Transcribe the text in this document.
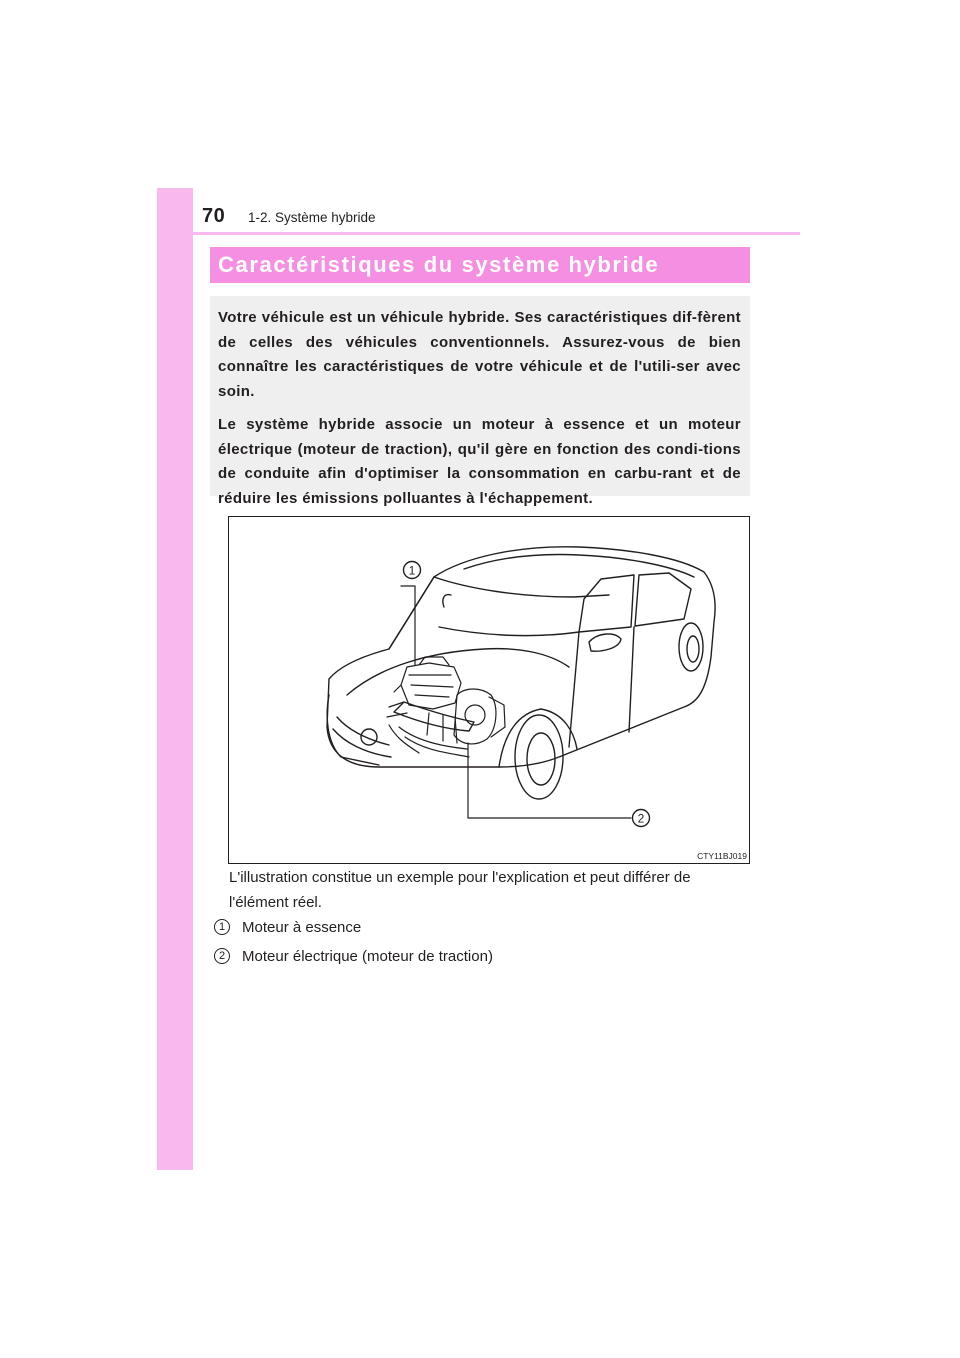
70 1-2. Système hybride
Caractéristiques du système hybride

Votre véhicule est un véhicule hybride. Ses caractéristiques dif-fèrent de celles des véhicules conventionnels. Assurez-vous de bien connaître les caractéristiques de votre véhicule et de l'utili-ser avec soin.

Le système hybride associe un moteur à essence et un moteur électrique (moteur de traction), qu'il gère en fonction des condi-tions de conduite afin d'optimiser la consommation en carbu-rant et de réduire les émissions polluantes à l'échappement.

1
2
CTY11BJ019

L'illustration constitue un exemple pour l'explication et peut différer de l'élément réel.

1	Moteur à essence
2	Moteur électrique (moteur de traction)
